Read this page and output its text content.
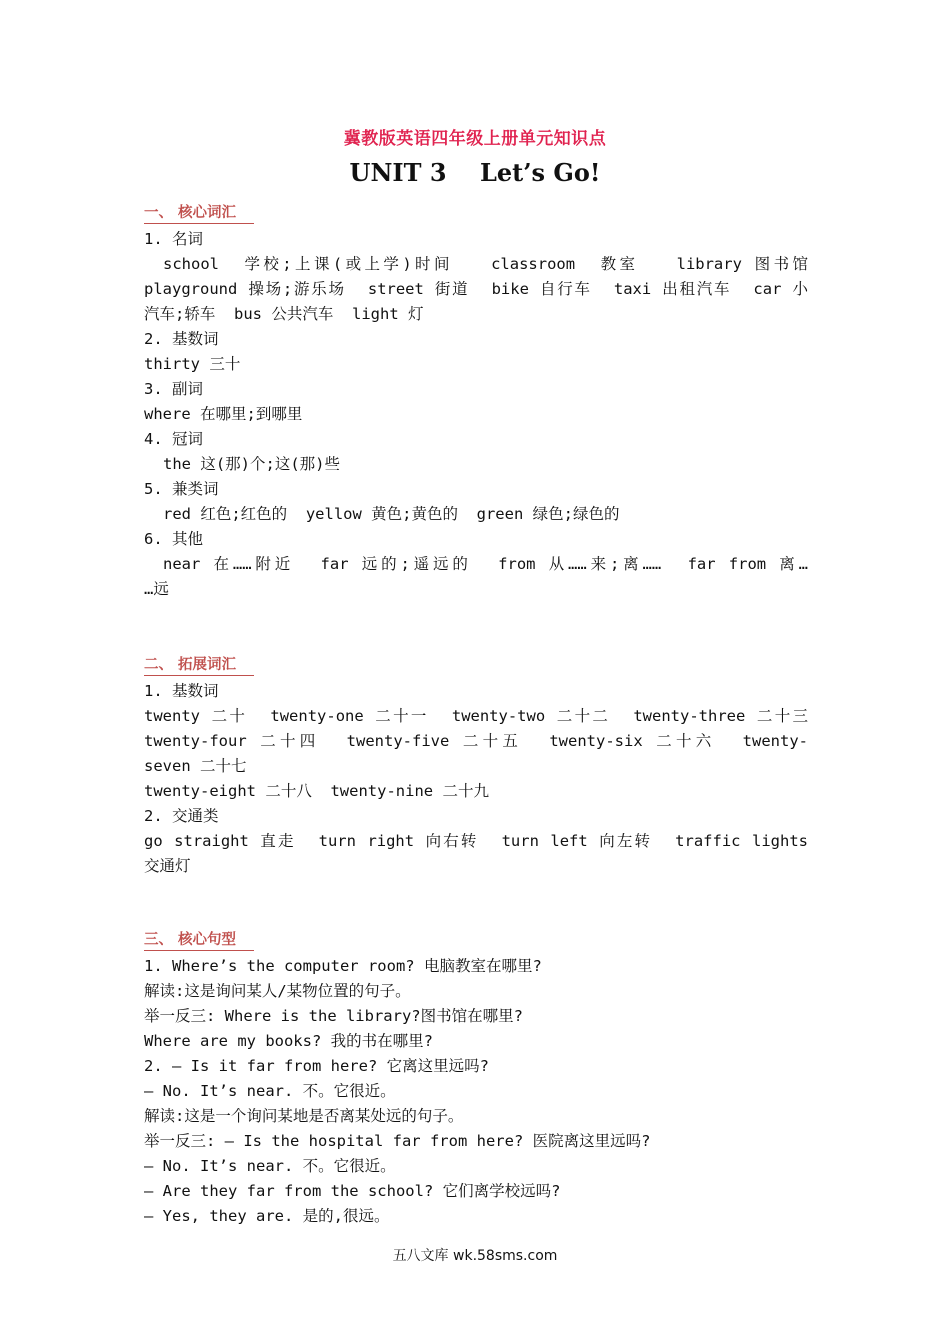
冀教版英语四年级上册单元知识点
UNIT 3    Let’s Go!
一、 核心词汇
1. 名词
school  学校;上课(或上学)时间   classroom  教室   library 图书馆
playground 操场;游乐场  street 街道  bike 自行车  taxi 出租汽车  car 小
汽车;轿车  bus 公共汽车  light 灯
2. 基数词
thirty 三十
3. 副词
where 在哪里;到哪里
4. 冠词
the 这(那)个;这(那)些
5. 兼类词
red 红色;红色的  yellow 黄色;黄色的  green 绿色;绿色的
6. 其他
near 在……附近  far 远的;遥远的  from 从……来;离……  far from 离…
…远
二、 拓展词汇
1. 基数词
twenty 二十  twenty-one 二十一  twenty-two 二十二  twenty-three 二十三
twenty-four 二十四  twenty-five 二十五  twenty-six 二十六  twenty-
seven 二十七
twenty-eight 二十八  twenty-nine 二十九
2. 交通类
go straight 直走  turn right 向右转  turn left 向左转  traffic lights
交通灯
三、 核心句型
1. Where’s the computer room? 电脑教室在哪里?
解读:这是询问某人/某物位置的句子。
举一反三: Where is the library?图书馆在哪里?
Where are my books? 我的书在哪里?
2. — Is it far from here? 它离这里远吗?
— No. It’s near. 不。它很近。
解读:这是一个询问某地是否离某处远的句子。
举一反三: — Is the hospital far from here? 医院离这里远吗?
— No. It’s near. 不。它很近。
— Are they far from the school? 它们离学校远吗?
— Yes, they are. 是的,很远。
五八文库 wk.58sms.com
